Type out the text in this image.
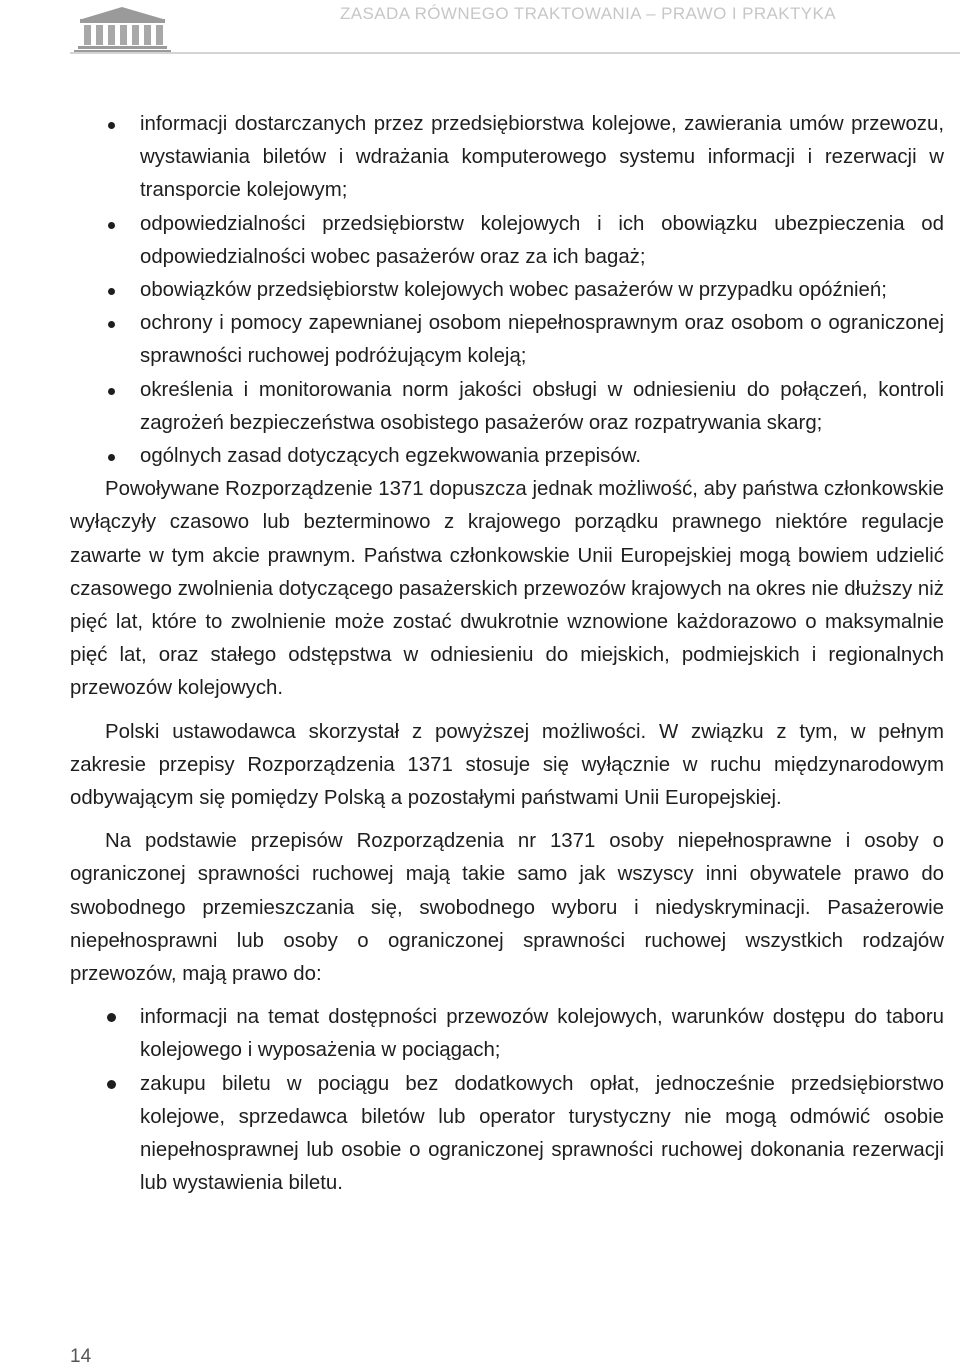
ZASADA RÓWNEGO TRAKTOWANIA – PRAWO I PRAKTYKA
informacji dostarczanych przez przedsiębiorstwa kolejowe, zawierania umów przewozu, wystawiania biletów i wdrażania komputerowego systemu informacji i rezerwacji w transporcie kolejowym;
odpowiedzialności przedsiębiorstw kolejowych i ich obowiązku ubezpieczenia od odpowiedzialności wobec pasażerów oraz za ich bagaż;
obowiązków przedsiębiorstw kolejowych wobec pasażerów w przypadku opóźnień;
ochrony i pomocy zapewnianej osobom niepełnosprawnym oraz osobom o ograniczonej sprawności ruchowej podróżującym koleją;
określenia i monitorowania norm jakości obsługi w odniesieniu do połączeń, kontroli zagrożeń bezpieczeństwa osobistego pasażerów oraz rozpatrywania skarg;
ogólnych zasad dotyczących egzekwowania przepisów.

Powoływane Rozporządzenie 1371 dopuszcza jednak możliwość, aby państwa członkowskie wyłączyły czasowo lub bezterminowo z krajowego porządku prawnego niektóre regulacje zawarte w tym akcie prawnym. Państwa członkowskie Unii Europejskiej mogą bowiem udzielić czasowego zwolnienia dotyczącego pasażerskich przewozów krajowych na okres nie dłuższy niż pięć lat, które to zwolnienie może zostać dwukrotnie wznowione każdorazowo o maksymalnie pięć lat, oraz stałego odstępstwa w odniesieniu do miejskich, podmiejskich i regionalnych przewozów kolejowych.

Polski ustawodawca skorzystał z powyższej możliwości. W związku z tym, w pełnym zakresie przepisy Rozporządzenia 1371 stosuje się wyłącznie w ruchu międzynarodowym odbywającym się pomiędzy Polską a pozostałymi państwami Unii Europejskiej.

Na podstawie przepisów Rozporządzenia nr 1371 osoby niepełnosprawne i osoby o ograniczonej sprawności ruchowej mają takie samo jak wszyscy inni obywatele prawo do swobodnego przemieszczania się, swobodnego wyboru i niedyskryminacji. Pasażerowie niepełnosprawni lub osoby o ograniczonej sprawności ruchowej wszystkich rodzajów przewozów, mają prawo do:

informacji na temat dostępności przewozów kolejowych, warunków dostępu do taboru kolejowego i wyposażenia w pociągach;
zakupu biletu w pociągu bez dodatkowych opłat, jednocześnie przedsiębiorstwo kolejowe, sprzedawca biletów lub operator turystyczny nie mogą odmówić osobie niepełnosprawnej lub osobie o ograniczonej sprawności ruchowej dokonania rezerwacji lub wystawienia biletu.
14
